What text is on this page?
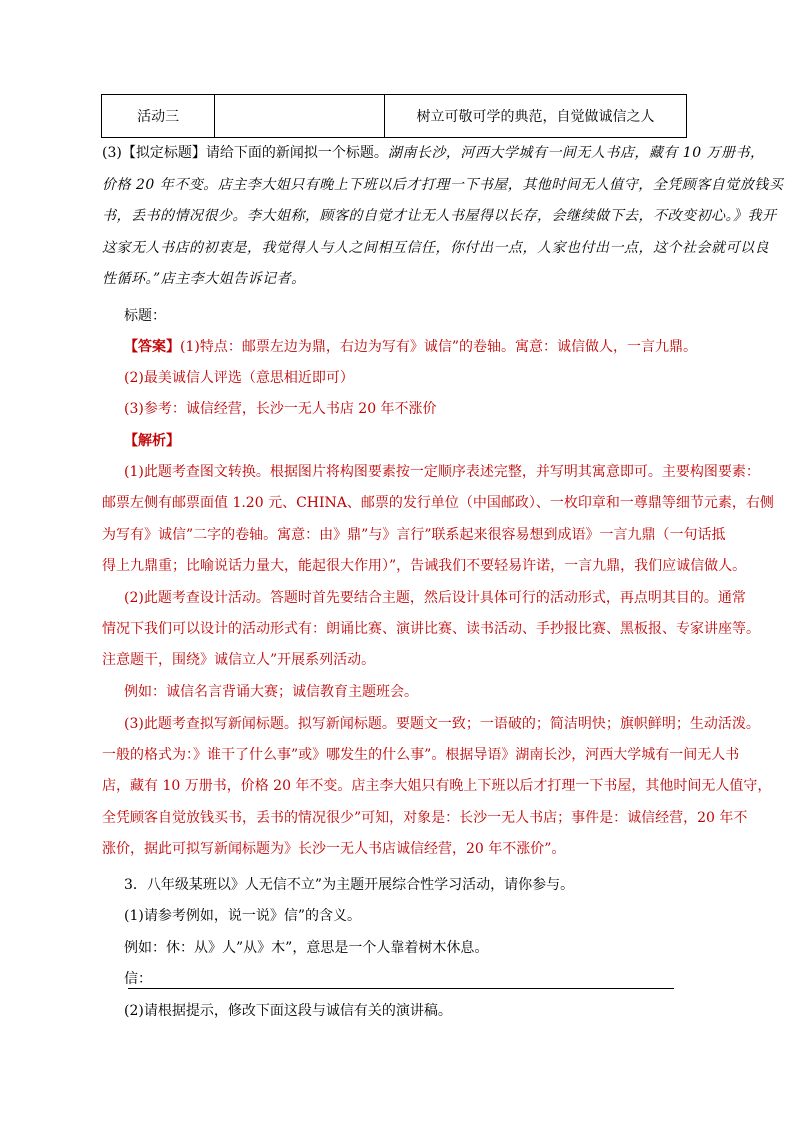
活动三		树立可敬可学的典范，自觉做诚信之人
(3)【拟定标题】请给下面的新闻拟一个标题。湖南长沙，河西大学城有一间无人书店，藏有 10 万册书，
价格 20 年不变。店主李大姐只有晚上下班以后才打理一下书屋，其他时间无人值守，全凭顾客自觉放钱买
书，丢书的情况很少。李大姐称，顾客的自觉才让无人书屋得以长存，会继续做下去，不改变初心。》我开
这家无人书店的初衷是，我觉得人与人之间相互信任，你付出一点，人家也付出一点，这个社会就可以良
性循环。”店主李大姐告诉记者。
标题：
【答案】(1)特点：邮票左边为鼎，右边为写有》诚信”的卷轴。寓意：诚信做人，一言九鼎。
(2)最美诚信人评选（意思相近即可）
(3)参考：诚信经营，长沙一无人书店 20 年不涨价
【解析】
(1)此题考查图文转换。根据图片将构图要素按一定顺序表述完整，并写明其寓意即可。主要构图要素：
邮票左侧有邮票面值 1.20 元、CHINA、邮票的发行单位（中国邮政）、一枚印章和一尊鼎等细节元素，右侧
为写有》诚信”二字的卷轴。寓意：由》鼎”与》言行”联系起来很容易想到成语》一言九鼎（一句话抵
得上九鼎重；比喻说话力量大，能起很大作用）”，告诫我们不要轻易许诺，一言九鼎，我们应诚信做人。
(2)此题考查设计活动。答题时首先要结合主题，然后设计具体可行的活动形式，再点明其目的。通常
情况下我们可以设计的活动形式有：朗诵比赛、演讲比赛、读书活动、手抄报比赛、黑板报、专家讲座等。
注意题干，围绕》诚信立人”开展系列活动。
例如：诚信名言背诵大赛；诚信教育主题班会。
(3)此题考查拟写新闻标题。拟写新闻标题。要题文一致；一语破的；简洁明快；旗帜鲜明；生动活泼。
一般的格式为：》谁干了什么事”或》哪发生的什么事”。根据导语》湖南长沙，河西大学城有一间无人书
店，藏有 10 万册书，价格 20 年不变。店主李大姐只有晚上下班以后才打理一下书屋，其他时间无人值守，
全凭顾客自觉放钱买书，丢书的情况很少”可知，对象是：长沙一无人书店；事件是：诚信经营，20 年不
涨价，据此可拟写新闻标题为》长沙一无人书店诚信经营，20 年不涨价”。
3．八年级某班以》人无信不立”为主题开展综合性学习活动，请你参与。
(1)请参考例如，说一说》信”的含义。
例如：休：从》人”从》木”，意思是一个人靠着树木休息。
信：
(2)请根据提示，修改下面这段与诚信有关的演讲稿。
